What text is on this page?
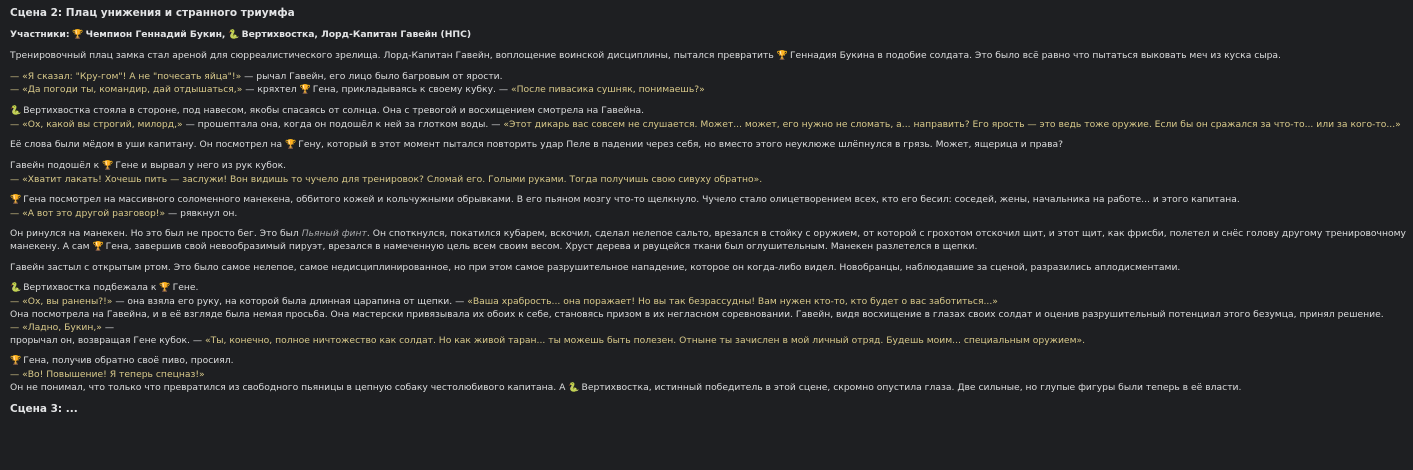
Сцена 2: Плац унижения и странного триумфа

Участники: 🏆 Чемпион Геннадий Букин, 🐍 Вертихвостка, Лорд-Капитан Гавейн (НПС)

Тренировочный плац замка стал ареной для сюрреалистического зрелища. Лорд-Капитан Гавейн, воплощение воинской дисциплины, пытался превратить 🏆 Геннадия Букина в подобие солдата. Это было всё равно что пытаться выковать меч из куска сыра.

— «Я сказал: "Кру-гом"! А не "почесать яйца"!» — рычал Гавейн, его лицо было багровым от ярости.
— «Да погоди ты, командир, дай отдышаться,» — кряхтел 🏆 Гена, прикладываясь к своему кубку. — «После пивасика сушняк, понимаешь?»

🐍 Вертихвостка стояла в стороне, под навесом, якобы спасаясь от солнца. Она с тревогой и восхищением смотрела на Гавейна.
— «Ох, какой вы строгий, милорд,» — прошептала она, когда он подошёл к ней за глотком воды. — «Этот дикарь вас совсем не слушается. Может... может, его нужно не сломать, а... направить? Его ярость — это ведь тоже оружие. Если бы он сражался за что-то... или за кого-то...»

Её слова были мёдом в уши капитану. Он посмотрел на 🏆 Гену, который в этот момент пытался повторить удар Пеле в падении через себя, но вместо этого неуклюже шлёпнулся в грязь. Может, ящерица и права?

Гавейн подошёл к 🏆 Гене и вырвал у него из рук кубок.
— «Хватит лакать! Хочешь пить — заслужи! Вон видишь то чучело для тренировок? Сломай его. Голыми руками. Тогда получишь свою сивуху обратно».

🏆 Гена посмотрел на массивного соломенного манекена, оббитого кожей и кольчужными обрывками. В его пьяном мозгу что-то щелкнуло. Чучело стало олицетворением всех, кто его бесил: соседей, жены, начальника на работе... и этого капитана.
— «А вот это другой разговор!» — рявкнул он.

Он ринулся на манекен. Но это был не просто бег. Это был Пьяный финт. Он споткнулся, покатился кубарем, вскочил, сделал нелепое сальто, врезался в стойку с оружием, от которой с грохотом отскочил щит, и этот щит, как фрисби, полетел и снёс голову другому тренировочному
манекену. А сам 🏆 Гена, завершив свой невообразимый пируэт, врезался в намеченную цель всем своим весом. Хруст дерева и рвущейся ткани был оглушительным. Манекен разлетелся в щепки.

Гавейн застыл с открытым ртом. Это было самое нелепое, самое недисциплинированное, но при этом самое разрушительное нападение, которое он когда-либо видел. Новобранцы, наблюдавшие за сценой, разразились аплодисментами.

🐍 Вертихвостка подбежала к 🏆 Гене.
— «Ох, вы ранены?!» — она взяла его руку, на которой была длинная царапина от щепки. — «Ваша храбрость... она поражает! Но вы так безрассудны! Вам нужен кто-то, кто будет о вас заботиться...»
Она посмотрела на Гавейна, и в её взгляде была немая просьба. Она мастерски привязывала их обоих к себе, становясь призом в их негласном соревновании. Гавейн, видя восхищение в глазах своих солдат и оценив разрушительный потенциал этого безумца, принял решение.
— «Ладно, Букин,» —
прорычал он, возвращая Гене кубок. — «Ты, конечно, полное ничтожество как солдат. Но как живой таран... ты можешь быть полезен. Отныне ты зачислен в мой личный отряд. Будешь моим... специальным оружием».

🏆 Гена, получив обратно своё пиво, просиял.
— «Во! Повышение! Я теперь спецназ!»
Он не понимал, что только что превратился из свободного пьяницы в цепную собаку честолюбивого капитана. А 🐍 Вертихвостка, истинный победитель в этой сцене, скромно опустила глаза. Две сильные, но глупые фигуры были теперь в её власти.

Сцена 3: ...
